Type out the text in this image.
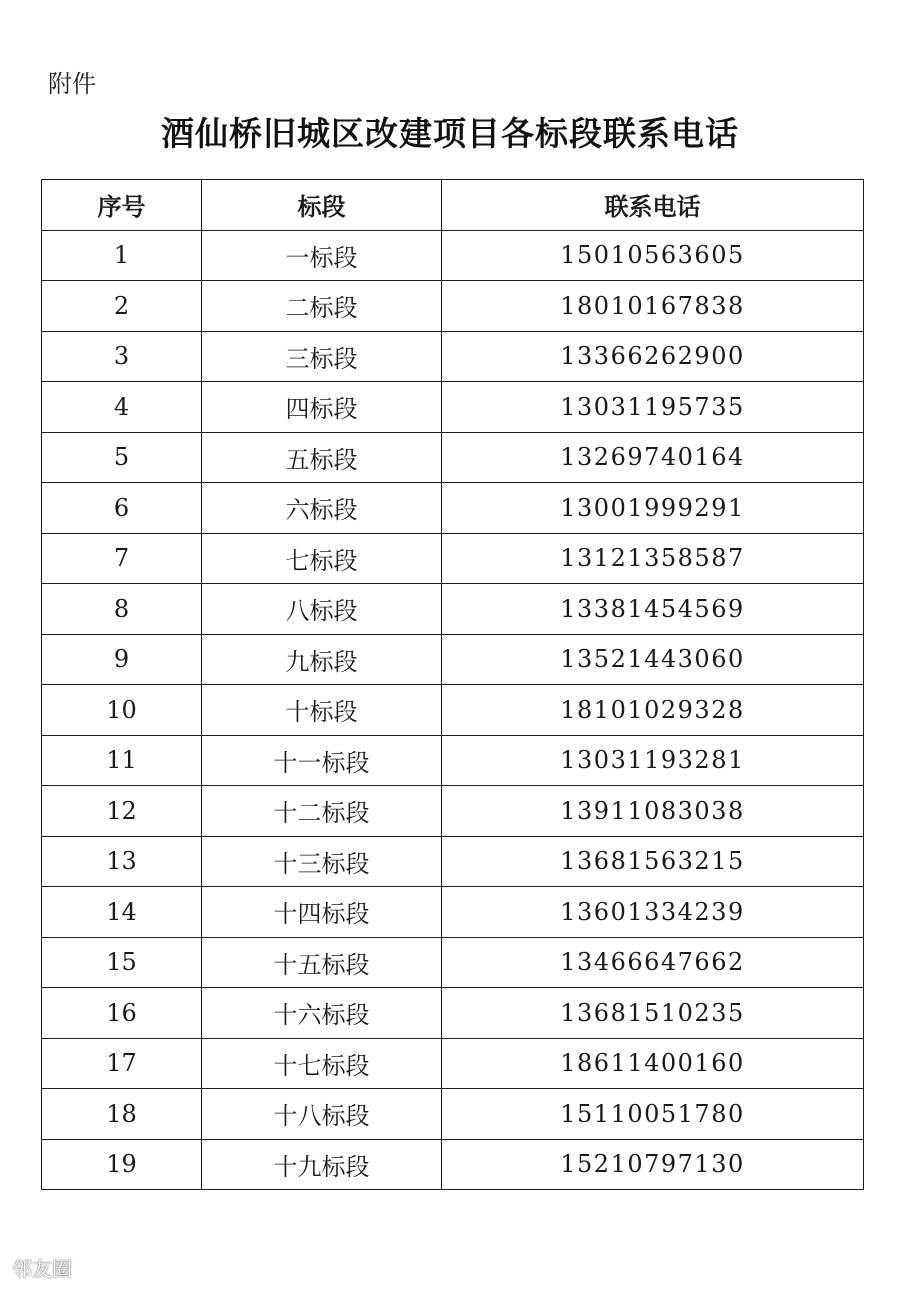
附件
酒仙桥旧城区改建项目各标段联系电话
序号	标段	联系电话
1	一标段	15010563605
2	二标段	18010167838
3	三标段	13366262900
4	四标段	13031195735
5	五标段	13269740164
6	六标段	13001999291
7	七标段	13121358587
8	八标段	13381454569
9	九标段	13521443060
10	十标段	18101029328
11	十一标段	13031193281
12	十二标段	13911083038
13	十三标段	13681563215
14	十四标段	13601334239
15	十五标段	13466647662
16	十六标段	13681510235
17	十七标段	18611400160
18	十八标段	15110051780
19	十九标段	15210797130
邻友圈
